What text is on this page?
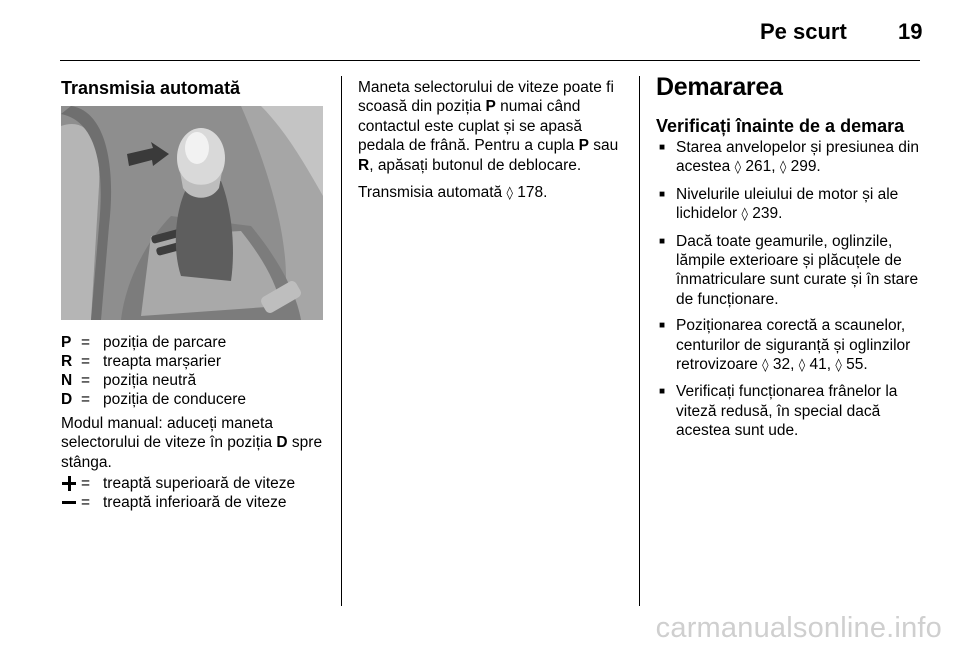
Pe scurt 19
Transmisia automată
P = poziția de parcare
R = treapta marșarier
N = poziția neutră
D = poziția de conducere
Modul manual: aduceți maneta
selectorului de viteze în poziția D spre
stânga.
= treaptă superioară de viteze
= treaptă inferioară de viteze

Maneta selectorului de viteze poate fi
scoasă din poziția P numai când
contactul este cuplat și se apasă
pedala de frână. Pentru a cupla P sau
R, apăsați butonul de deblocare.

Transmisia automată ◊ 178.

Demararea
Verificați înainte de a demara
■ Starea anvelopelor și presiunea din acestea ◊ 261, ◊ 299.
■ Nivelurile uleiului de motor și ale lichidelor ◊ 239.
■ Dacă toate geamurile, oglinzile, lămpile exterioare și plăcuțele de înmatriculare sunt curate și în stare de funcționare.
■ Poziționarea corectă a scaunelor, centurilor de siguranță și oglinzilor retrovizoare ◊ 32, ◊ 41, ◊ 55.
■ Verificați funcționarea frânelor la viteză redusă, în special dacă acestea sunt ude.
carmanualsonline.info
